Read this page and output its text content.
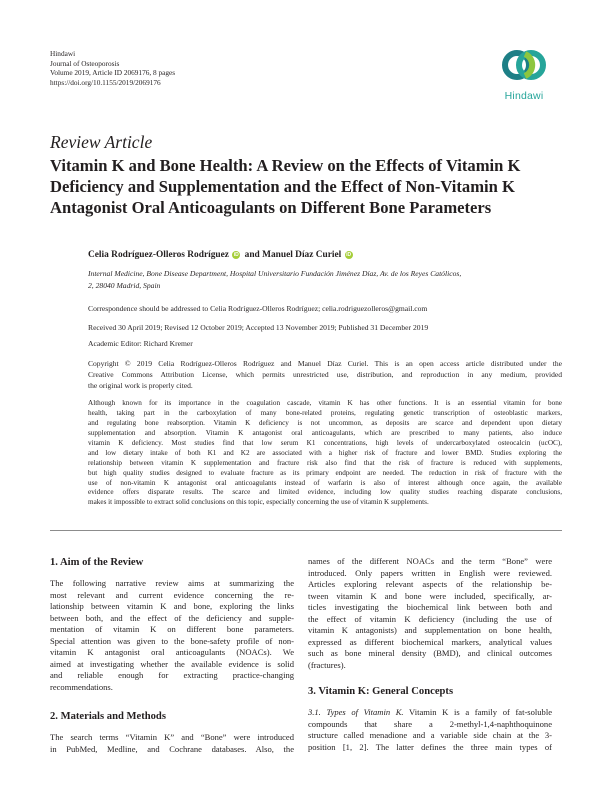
Hindawi
Journal of Osteoporosis
Volume 2019, Article ID 2069176, 8 pages
https://doi.org/10.1155/2019/2069176
Hindawi
Review Article
Vitamin K and Bone Health: A Review on the Effects of Vitamin K
Deficiency and Supplementation and the Effect of Non-Vitamin K
Antagonist Oral Anticoagulants on Different Bone Parameters
Celia Rodríguez-Olleros Rodríguez iD and Manuel Díaz Curiel iD
Internal Medicine, Bone Disease Department, Hospital Universitario Fundación Jiménez Díaz, Av. de los Reyes Católicos,
2, 28040 Madrid, Spain
Correspondence should be addressed to Celia Rodríguez-Olleros Rodríguez; celia.rodriguezolleros@gmail.com
Received 30 April 2019; Revised 12 October 2019; Accepted 13 November 2019; Published 31 December 2019
Academic Editor: Richard Kremer
Copyright © 2019 Celia Rodríguez-Olleros Rodríguez and Manuel Díaz Curiel. This is an open access article distributed under the
Creative Commons Attribution License, which permits unrestricted use, distribution, and reproduction in any medium, provided
the original work is properly cited.
Although known for its importance in the coagulation cascade, vitamin K has other functions. It is an essential vitamin for bone
health, taking part in the carboxylation of many bone-related proteins, regulating genetic transcription of osteoblastic markers,
and regulating bone reabsorption. Vitamin K deficiency is not uncommon, as deposits are scarce and dependent upon dietary
supplementation and absorption. Vitamin K antagonist oral anticoagulants, which are prescribed to many patients, also induce
vitamin K deficiency. Most studies find that low serum K1 concentrations, high levels of undercarboxylated osteocalcin (ucOC),
and low dietary intake of both K1 and K2 are associated with a higher risk of fracture and lower BMD. Studies exploring the
relationship between vitamin K supplementation and fracture risk also find that the risk of fracture is reduced with supplements,
but high quality studies designed to evaluate fracture as its primary endpoint are needed. The reduction in risk of fracture with the
use of non-vitamin K antagonist oral anticoagulants instead of warfarin is also of interest although once again, the available
evidence offers disparate results. The scarce and limited evidence, including low quality studies reaching disparate conclusions,
makes it impossible to extract solid conclusions on this topic, especially concerning the use of vitamin K supplements.
1. Aim of the Review
The following narrative review aims at summarizing the
most relevant and current evidence concerning the re-
lationship between vitamin K and bone, exploring the links
between both, and the effect of the deficiency and supple-
mentation of vitamin K on different bone parameters.
Special attention was given to the bone-safety profile of non-
vitamin K antagonist oral anticoagulants (NOACs). We
aimed at investigating whether the available evidence is solid
and reliable enough for extracting practice-changing
recommendations.
2. Materials and Methods
The search terms “Vitamin K” and “Bone” were introduced
in PubMed, Medline, and Cochrane databases. Also, the
names of the different NOACs and the term “Bone” were
introduced. Only papers written in English were reviewed.
Articles exploring relevant aspects of the relationship be-
tween vitamin K and bone were included, specifically, ar-
ticles investigating the biochemical link between both and
the effect of vitamin K deficiency (including the use of
vitamin K antagonists) and supplementation on bone health,
expressed as different biochemical markers, analytical values
such as bone mineral density (BMD), and clinical outcomes
(fractures).
3. Vitamin K: General Concepts
3.1. Types of Vitamin K. Vitamin K is a family of fat-soluble
compounds that share a 2-methyl-1,4-naphthoquinone
structure called menadione and a variable side chain at the 3-
position [1, 2]. The latter defines the three main types of
